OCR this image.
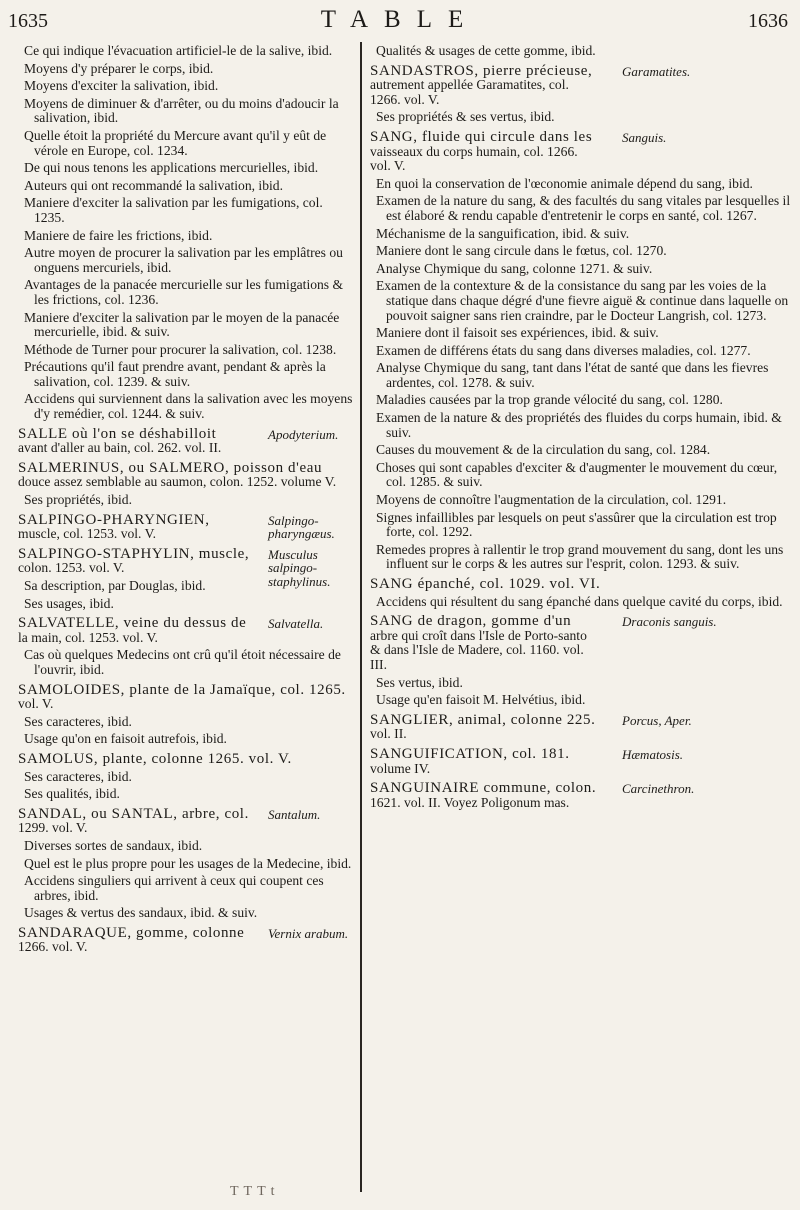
1635	TABLE	1636
Ce qui indique l'évacuation artificiel-le de la salive, ibid.
Moyens d'y préparer le corps, ibid.
Moyens d'exciter la salivation, ibid.
Moyens de diminuer & d'arrêter, ou du moins d'adoucir la salivation, ibid.
Quelle étoit la propriété du Mercure avant qu'il y eût de vérole en Europe, col. 1234.
De qui nous tenons les applications mercurielles, ibid.
Auteurs qui ont recommandé la salivation, ibid.
Maniere d'exciter la salivation par les fumigations, col. 1235.
Maniere de faire les frictions, ibid.
Autre moyen de procurer la salivation par les emplâtres ou onguens mercuriels, ibid.
Avantages de la panacée mercurielle sur les fumigations & les frictions, col. 1236.
Maniere d'exciter la salivation par le moyen de la panacée mercurielle, ibid. & suiv.
Méthode de Turner pour procurer la salivation, col. 1238.
Précautions qu'il faut prendre avant, pendant & après la salivation, col. 1239. & suiv.
Accidens qui surviennent dans la salivation avec les moyens d'y remédier, col. 1244. & suiv.
SALLE où l'on se déshabilloit avant d'aller au bain, col. 262. vol. II.
Apodyterium.
SALMERINUS, ou SALMERO, poisson d'eau douce assez semblable au saumon, colon. 1252. volume V.
Ses propriétés, ibid.
SALPINGO-PHARYNGIEN, muscle, col. 1253. vol. V.
Salpingo-pharyngæus.
SALPINGO-STAPHYLIN, muscle, colon. 1253. vol. V.
Musculus salpingo-staphylinus.
Sa description, par Douglas, ibid.
Ses usages, ibid.
SALVATELLE, veine du dessus de la main, col. 1253. vol. V.
Salvatella.
Cas où quelques Medecins ont crû qu'il étoit nécessaire de l'ouvrir, ibid.
SAMOLOIDES, plante de la Jamaïque, col. 1265. vol. V.
Ses caracteres, ibid.
Usage qu'on en faisoit autrefois, ibid.
SAMOLUS, plante, colonne 1265. vol. V.
Ses caracteres, ibid.
Ses qualités, ibid.
SANDAL, ou SANTAL, arbre, col. 1299. vol. V.
Santalum.
Diverses sortes de sandaux, ibid.
Quel est le plus propre pour les usages de la Medecine, ibid.
Accidens singuliers qui arrivent à ceux qui coupent ces arbres, ibid.
Usages & vertus des sandaux, ibid. & suiv.
SANDARAQUE, gomme, colonne 1266. vol. V.
Vernix arabum.
Qualités & usages de cette gomme, ibid.
SANDASTROS, pierre précieuse, autrement appellée Garamatites, col. 1266. vol. V.
Garamatites.
Ses propriétés & ses vertus, ibid.
SANG, fluide qui circule dans les vaisseaux du corps humain, col. 1266. vol. V.
Sanguis.
En quoi la conservation de l'œconomie animale dépend du sang, ibid.
Examen de la nature du sang, & des facultés du sang vitales par lesquelles il est élaboré & rendu capable d'entretenir le corps en santé, col. 1267.
Méchanisme de la sanguification, ibid. & suiv.
Maniere dont le sang circule dans le fœtus, col. 1270.
Analyse Chymique du sang, colonne 1271. & suiv.
Examen de la contexture & de la consistance du sang par les voies de la statique dans chaque dégré d'une fievre aiguë & continue dans laquelle on pouvoit saigner sans rien craindre, par le Docteur Langrish, col. 1273.
Maniere dont il faisoit ses expériences, ibid. & suiv.
Examen de différens états du sang dans diverses maladies, col. 1277.
Analyse Chymique du sang, tant dans l'état de santé que dans les fievres ardentes, col. 1278. & suiv.
Maladies causées par la trop grande vélocité du sang, col. 1280.
Examen de la nature & des propriétés des fluides du corps humain, ibid. & suiv.
Causes du mouvement & de la circulation du sang, col. 1284.
Choses qui sont capables d'exciter & d'augmenter le mouvement du cœur, col. 1285. & suiv.
Moyens de connoître l'augmentation de la circulation, col. 1291.
Signes infaillibles par lesquels on peut s'assûrer que la circulation est trop forte, col. 1292.
Remedes propres à rallentir le trop grand mouvement du sang, dont les uns influent sur le corps & les autres sur l'esprit, colon. 1293. & suiv.
SANG épanché, col. 1029. vol. VI.
Accidens qui résultent du sang épanché dans quelque cavité du corps, ibid.
SANG de dragon, gomme d'un arbre qui croît dans l'Isle de Porto-santo & dans l'Isle de Madere, col. 1160. vol. III.
Draconis sanguis.
Ses vertus, ibid.
Usage qu'en faisoit M. Helvétius, ibid.
SANGLIER, animal, colonne 225. vol. II.
Porcus, Aper.
SANGUIFICATION, col. 181. volume IV.
Hæmatosis.
SANGUINAIRE commune, colon. 1621. vol. II. Voyez Poligonum mas.
Carcinethron.
TTTt
